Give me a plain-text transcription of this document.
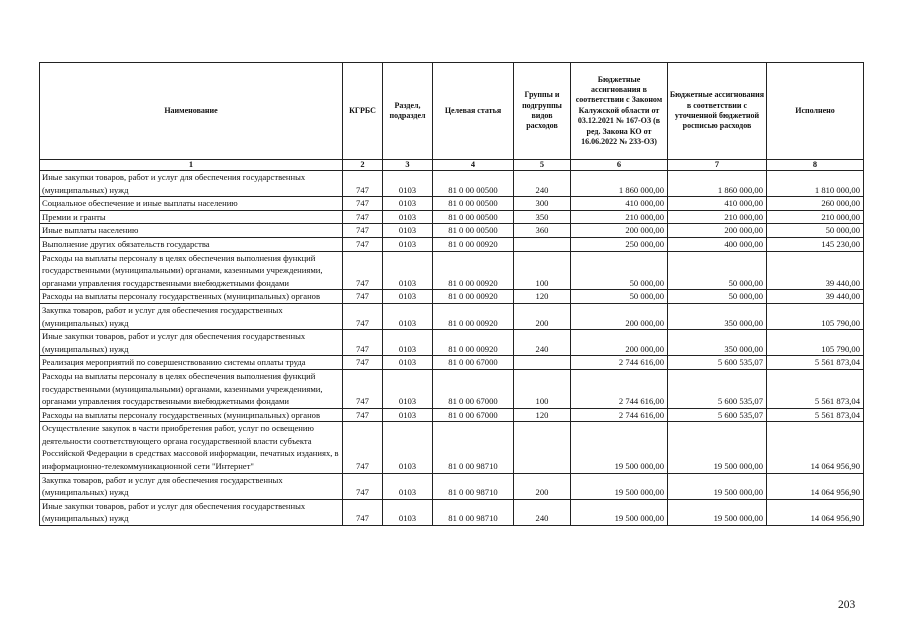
Наименование	КГРБС	Раздел, подраздел	Целевая статья	Группы и подгруппы видов расходов	Бюджетные ассигнования в соответствии с Законом Калужской области от 03.12.2021 № 167-ОЗ (в ред. Закона КО от 16.06.2022 № 233-ОЗ)	Бюджетные ассигнования в соответствии с уточненной бюджетной росписью расходов	Исполнено
1	2	3	4	5	6	7	8
Иные закупки товаров, работ и услуг для обеспечения государственных (муниципальных) нужд	747	0103	81 0 00 00500	240	1 860 000,00	1 860 000,00	1 810 000,00
Социальное обеспечение и иные выплаты населению	747	0103	81 0 00 00500	300	410 000,00	410 000,00	260 000,00
Премии и гранты	747	0103	81 0 00 00500	350	210 000,00	210 000,00	210 000,00
Иные выплаты населению	747	0103	81 0 00 00500	360	200 000,00	200 000,00	50 000,00
Выполнение других обязательств государства	747	0103	81 0 00 00920		250 000,00	400 000,00	145 230,00
Расходы на выплаты персоналу в целях обеспечения выполнения функций государственными (муниципальными) органами, казенными учреждениями, органами управления государственными внебюджетными фондами	747	0103	81 0 00 00920	100	50 000,00	50 000,00	39 440,00
Расходы на выплаты персоналу государственных (муниципальных) органов	747	0103	81 0 00 00920	120	50 000,00	50 000,00	39 440,00
Закупка товаров, работ и услуг для обеспечения государственных (муниципальных) нужд	747	0103	81 0 00 00920	200	200 000,00	350 000,00	105 790,00
Иные закупки товаров, работ и услуг для обеспечения государственных (муниципальных) нужд	747	0103	81 0 00 00920	240	200 000,00	350 000,00	105 790,00
Реализация мероприятий по совершенствованию системы оплаты труда	747	0103	81 0 00 67000		2 744 616,00	5 600 535,07	5 561 873,04
Расходы на выплаты персоналу в целях обеспечения выполнения функций государственными (муниципальными) органами, казенными учреждениями, органами управления государственными внебюджетными фондами	747	0103	81 0 00 67000	100	2 744 616,00	5 600 535,07	5 561 873,04
Расходы на выплаты персоналу государственных (муниципальных) органов	747	0103	81 0 00 67000	120	2 744 616,00	5 600 535,07	5 561 873,04
Осуществление закупок в части приобретения работ, услуг по освещению деятельности соответствующего органа государственной власти субъекта Российской Федерации в средствах массовой информации, печатных изданиях, в информационно-телекоммуникационной сети "Интернет"	747	0103	81 0 00 98710		19 500 000,00	19 500 000,00	14 064 956,90
Закупка товаров, работ и услуг для обеспечения государственных (муниципальных) нужд	747	0103	81 0 00 98710	200	19 500 000,00	19 500 000,00	14 064 956,90
Иные закупки товаров, работ и услуг для обеспечения государственных (муниципальных) нужд	747	0103	81 0 00 98710	240	19 500 000,00	19 500 000,00	14 064 956,90
203
